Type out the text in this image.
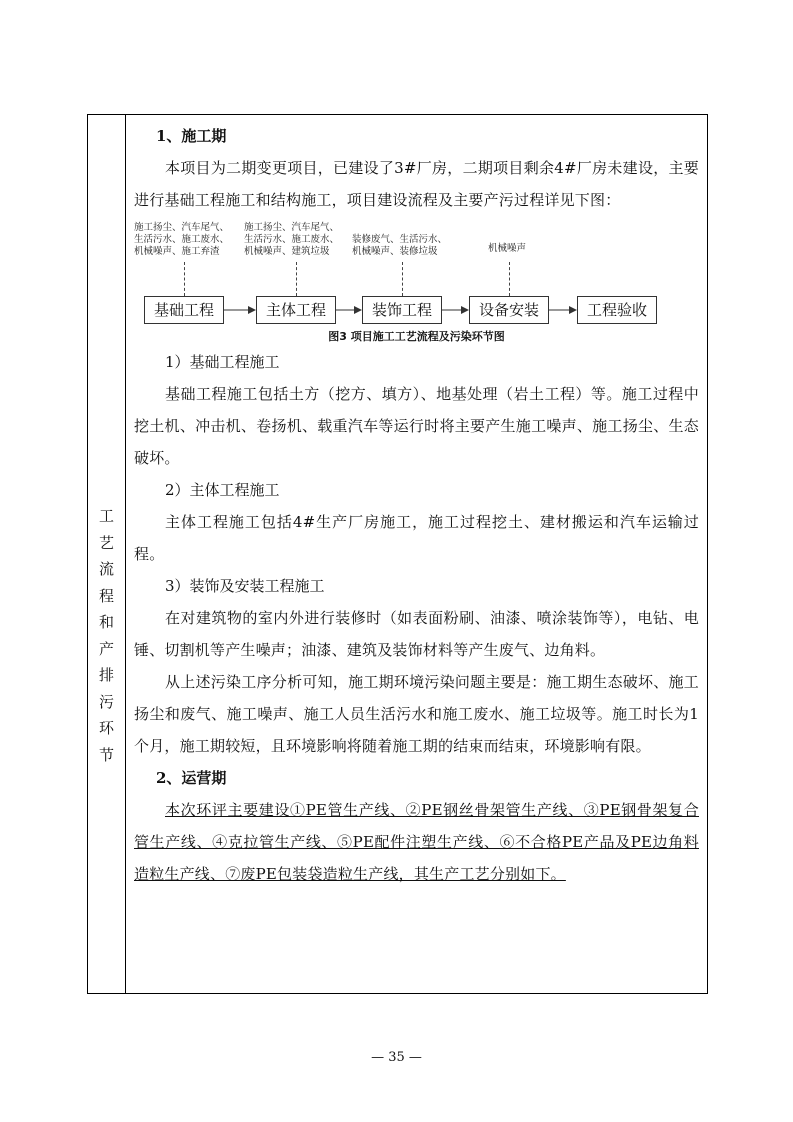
工
艺
流
程
和
产
排
污
环
节
1、施工期

本项目为二期变更项目，已建设了3#厂房，二期项目剩余4#厂房未建设，主要进行基础工程施工和结构施工，项目建设流程及主要产污过程详见下图：

施工扬尘、汽车尾气、
生活污水、施工废水、
机械噪声、施工弃渣
施工扬尘、汽车尾气、
生活污水、施工废水、
机械噪声、建筑垃圾
装修废气、生活污水、
机械噪声、装修垃圾	机械噪声
基础工程	主体工程	装饰工程	设备安装	工程验收
图3 项目施工工艺流程及污染环节图
1）基础工程施工

基础工程施工包括土方（挖方、填方）、地基处理（岩土工程）等。施工过程中挖土机、冲击机、卷扬机、载重汽车等运行时将主要产生施工噪声、施工扬尘、生态破坏。

2）主体工程施工

主体工程施工包括4#生产厂房施工，施工过程挖土、建材搬运和汽车运输过程。

3）装饰及安装工程施工

在对建筑物的室内外进行装修时（如表面粉刷、油漆、喷涂装饰等），电钻、电锤、切割机等产生噪声；油漆、建筑及装饰材料等产生废气、边角料。

从上述污染工序分析可知，施工期环境污染问题主要是：施工期生态破坏、施工扬尘和废气、施工噪声、施工人员生活污水和施工废水、施工垃圾等。施工时长为1个月，施工期较短，且环境影响将随着施工期的结束而结束，环境影响有限。

2、运营期

本次环评主要建设①PE管生产线、②PE钢丝骨架管生产线、③PE钢骨架复合管生产线、④克拉管生产线、⑤PE配件注塑生产线、⑥不合格PE产品及PE边角料造粒生产线、⑦废PE包装袋造粒生产线，其生产工艺分别如下。

— 35 —
